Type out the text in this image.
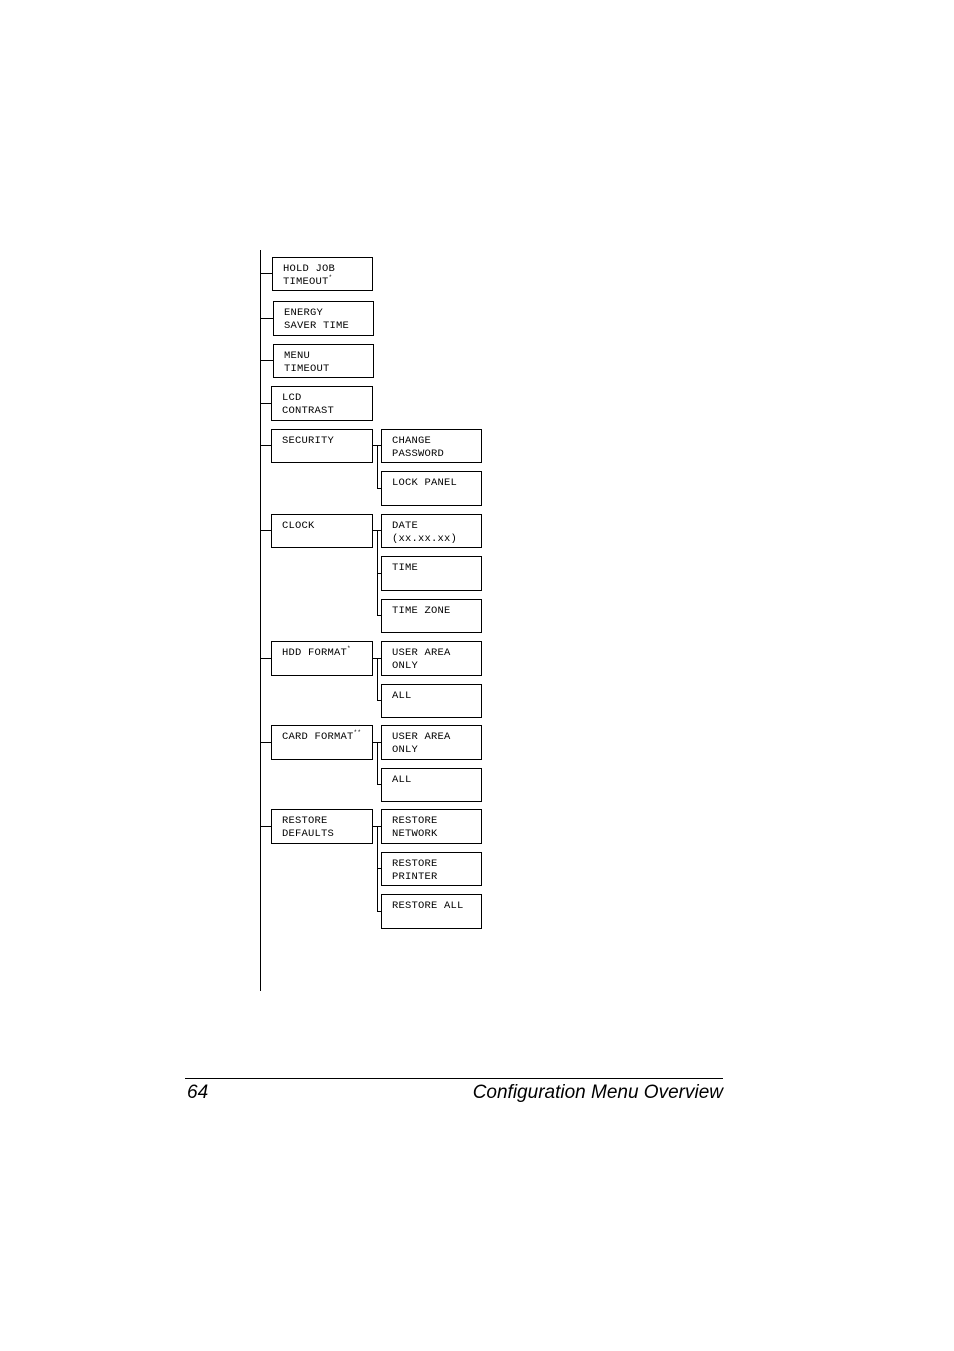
HOLD JOB
TIMEOUT*
ENERGY
SAVER TIME
MENU
TIMEOUT
LCD
CONTRAST
SECURITY
CLOCK
HDD FORMAT*
CARD FORMAT**
RESTORE
DEFAULTS
CHANGE
PASSWORD
LOCK PANEL
DATE
(xx.xx.xx)
TIME
TIME ZONE
USER AREA
ONLY
ALL
USER AREA
ONLY
ALL
RESTORE
NETWORK
RESTORE
PRINTER
RESTORE ALL
64	Configuration Menu Overview
